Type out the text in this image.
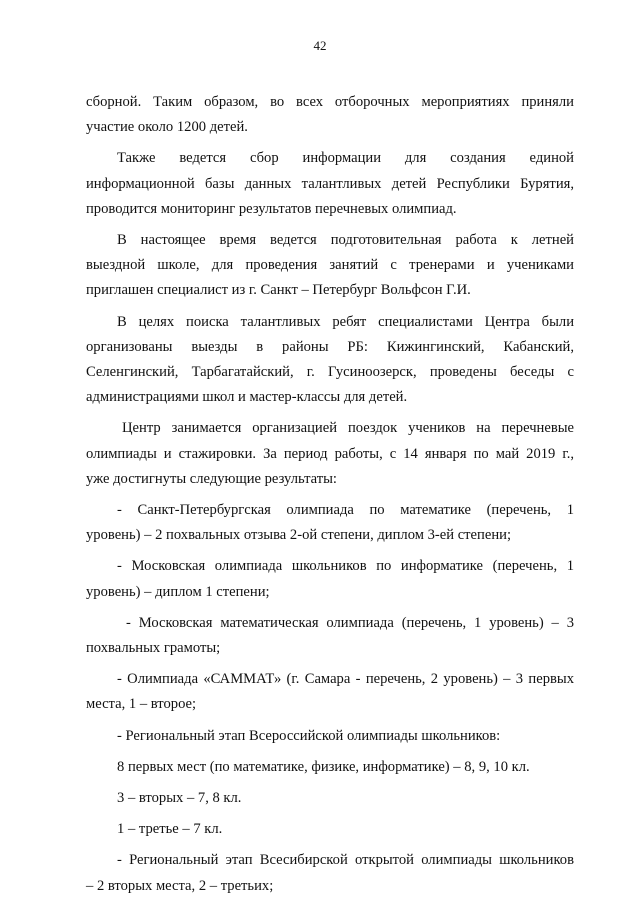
42

сборной. Таким образом, во всех отборочных мероприятиях приняли
участие около 1200 детей.

Также ведется сбор информации для создания единой
информационной базы данных талантливых детей Республики Бурятия,
проводится мониторинг результатов перечневых олимпиад.

В настоящее время ведется подготовительная работа к летней
выездной школе, для проведения занятий с тренерами и учениками
приглашен специалист из г. Санкт – Петербург Вольфсон Г.И.

В целях поиска талантливых ребят специалистами Центра были
организованы выезды в районы РБ: Кижингинский, Кабанский,
Селенгинский, Тарбагатайский, г. Гусиноозерск, проведены беседы с
администрациями школ и мастер-классы для детей.

Центр занимается организацией поездок учеников на перечневые
олимпиады и стажировки. За период работы, с 14 января по май 2019 г.,
уже достигнуты следующие результаты:

- Санкт-Петербургская олимпиада по математике (перечень, 1
уровень) – 2 похвальных отзыва 2-ой степени, диплом 3-ей степени;

- Московская олимпиада школьников по информатике (перечень, 1
уровень) – диплом 1 степени;

- Московская математическая олимпиада (перечень, 1 уровень) – 3
похвальных грамоты;

- Олимпиада «САММАТ» (г. Самара - перечень, 2 уровень) – 3 первых
места, 1 – второе;

- Региональный этап Всероссийской олимпиады школьников:

8 первых мест (по математике, физике, информатике) – 8, 9, 10 кл.

3 – вторых – 7, 8 кл.

1 – третье – 7 кл.

- Региональный этап Всесибирской открытой олимпиады школьников
– 2 вторых места, 2 – третьих;
